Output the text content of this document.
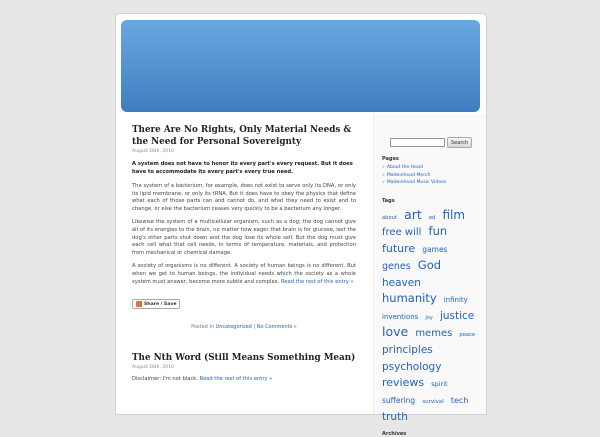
There Are No Rights, Only Material Needs & the Need for Personal Sovereignty
August 16th, 2010

A system does not have to honor its every part's every request. But it does have to accommodate its every part's every true need.

The system of a bacterium, for example, does not exist to serve only its DNA, or only its lipid membrane, or only its tRNA. But it does have to obey the physics that define what each of those parts can and cannot do, and what they need to exist and to change, or else the bacterium ceases very quickly to be a bacterium any longer.

Likewise the system of a multicellular organism, such as a dog; the dog cannot give all of its energies to the brain, no matter how eager that brain is for glucose, lest the dog's other parts shut down and the dog lose its whole self. But the dog must give each cell what that cell needs, in terms of temperature, materials, and protection from mechanical or chemical damage.

A society of organisms is no different. A society of human beings is no different. But when we get to human beings, the individual needs which the society as a whole system must answer, become more subtle and complex. Read the rest of this entry »

Share / Save
Posted in Uncategorized | No Comments »
The Nth Word (Still Means Something Mean)
August 16th, 2010

Disclaimer: I'm not black. Read the rest of this entry »

Search
Pages
» About the Head
» Madeinhead Merch
» Madeinhead Music Videos
Tags
about art ed film free will fun future games genes God heaven humanity infinity inventions joy justice love memes peace principles psychology reviews spirit suffering survival tech truth
Archives
